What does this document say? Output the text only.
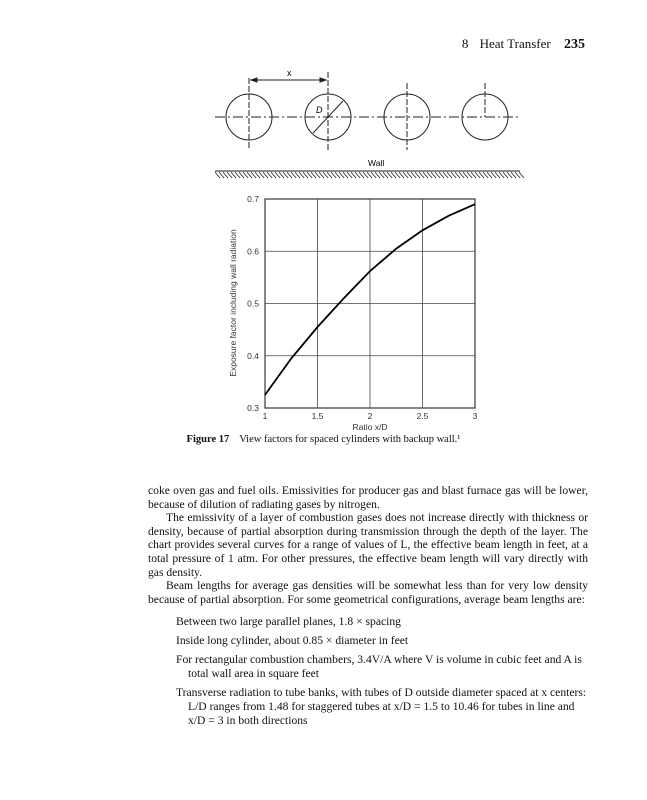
8 Heat Transfer 235
x
D
Wall
1	1.5	2	2.5	3
0.3
0.4
0.5
0.6
0.7
Ratio x/D
Exposure factor including wall radiation
Figure 17 View factors for spaced cylinders with backup wall.¹

coke oven gas and fuel oils. Emissivities for producer gas and blast furnace gas will be lower, because of dilution of radiating gases by nitrogen.

The emissivity of a layer of combustion gases does not increase directly with thickness or density, because of partial absorption during transmission through the depth of the layer. The chart provides several curves for a range of values of L, the effective beam length in feet, at a total pressure of 1 atm. For other pressures, the effective beam length will vary directly with gas density.

Beam lengths for average gas densities will be somewhat less than for very low density because of partial absorption. For some geometrical configurations, average beam lengths are:

Between two large parallel planes, 1.8 × spacing

Inside long cylinder, about 0.85 × diameter in feet

For rectangular combustion chambers, 3.4V/A where V is volume in cubic feet and A is total wall area in square feet

Transverse radiation to tube banks, with tubes of D outside diameter spaced at x centers: L/D ranges from 1.48 for staggered tubes at x/D = 1.5 to 10.46 for tubes in line and x/D = 3 in both directions
